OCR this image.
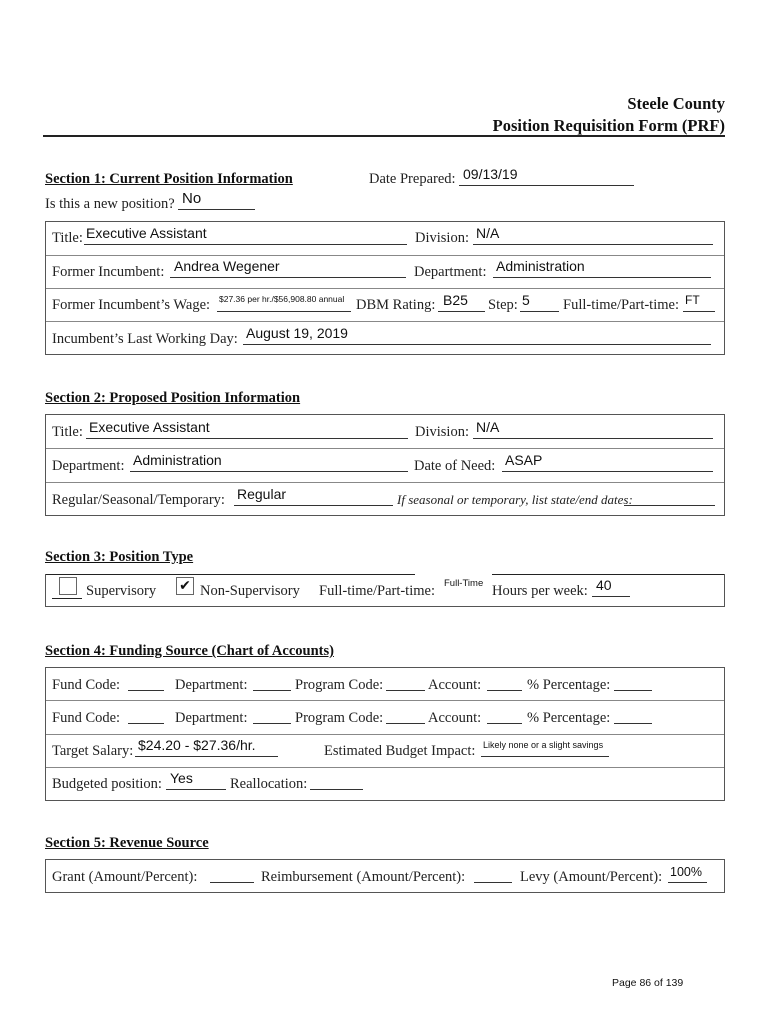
Steele County
Position Requisition Form (PRF)
Section 1: Current Position Information	Date Prepared: 09/13/19
Is this a new position? No
Title: Executive Assistant	Division: N/A
Former Incumbent: Andrea Wegener	Department: Administration
Former Incumbent’s Wage: $27.36 per hr./$56,908.80 annual DBM Rating: B25 Step: 5 Full-time/Part-time: FT
Incumbent’s Last Working Day: August 19, 2019
Section 2: Proposed Position Information
Title: Executive Assistant	Division: N/A
Department: Administration	Date of Need: ASAP
Regular/Seasonal/Temporary: Regular	If seasonal or temporary, list state/end dates:
Section 3: Position Type
Supervisory ✔ Non-Supervisory Full-time/Part-time: Full-Time Hours per week: 40
Section 4: Funding Source (Chart of Accounts)
Fund Code:	Department:	Program Code:	Account:	% Percentage:
Fund Code:	Department:	Program Code:	Account:	% Percentage:
Target Salary: $24.20 - $27.36/hr.	Estimated Budget Impact: Likely none or a slight savings
Budgeted position: Yes	Reallocation:
Section 5: Revenue Source
Grant (Amount/Percent):	Reimbursement (Amount/Percent):	Levy (Amount/Percent): 100%
Page 86 of 139
